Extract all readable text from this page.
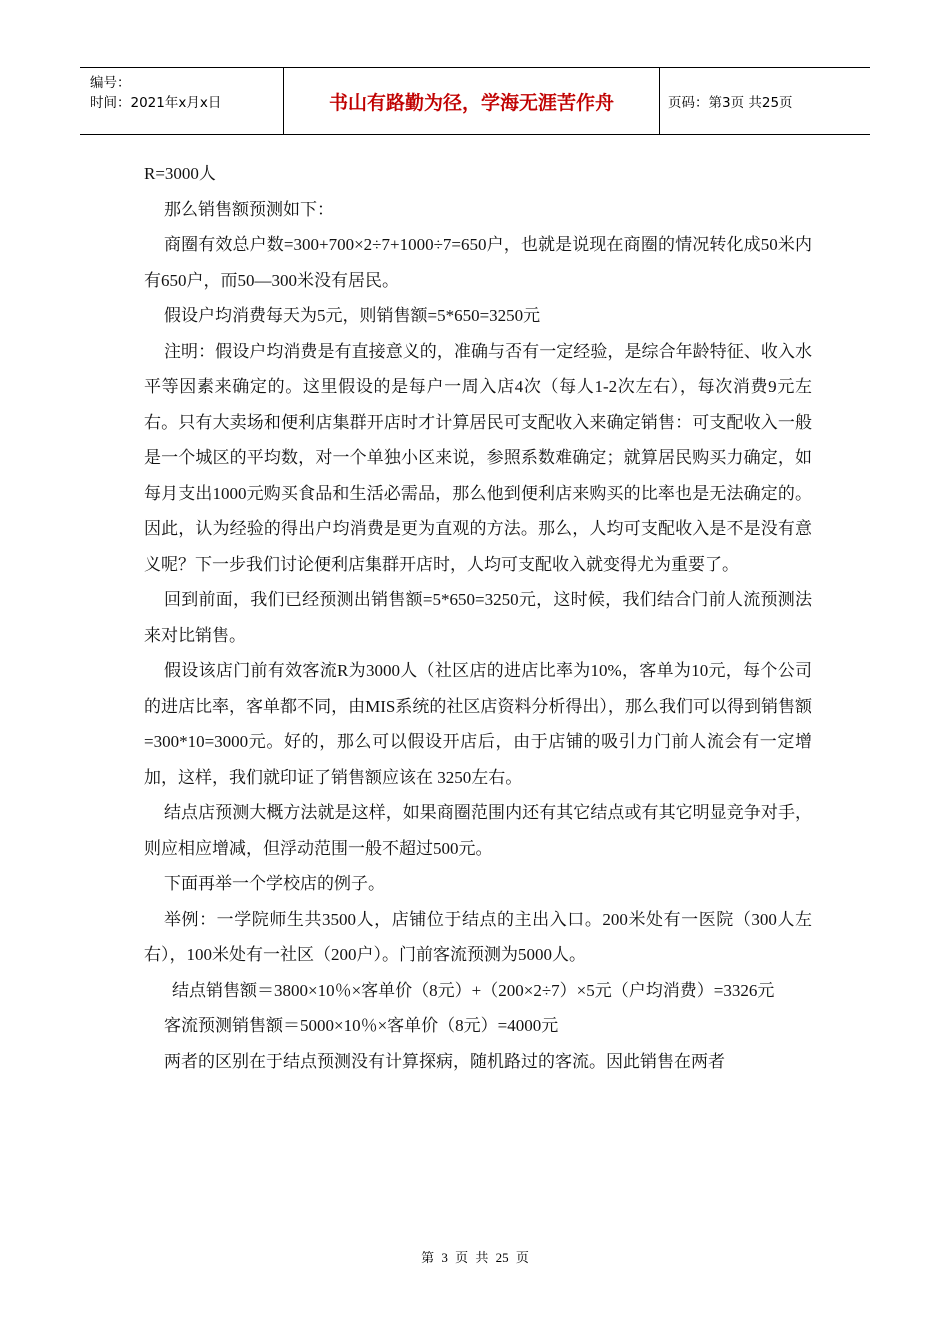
编号：
时间：2021年x月x日	书山有路勤为径，学海无涯苦作舟	页码：第3页 共25页

R=3000人

那么销售额预测如下：

商圈有效总户数=300+700×2÷7+1000÷7=650户，也就是说现在商圈的情况转化成50米内有650户，而50—300米没有居民。

假设户均消费每天为5元，则销售额=5*650=3250元

注明：假设户均消费是有直接意义的，准确与否有一定经验，是综合年龄特征、收入水平等因素来确定的。这里假设的是每户一周入店4次（每人1-2次左右），每次消费9元左右。只有大卖场和便利店集群开店时才计算居民可支配收入来确定销售：可支配收入一般是一个城区的平均数，对一个单独小区来说，参照系数难确定；就算居民购买力确定，如每月支出1000元购买食品和生活必需品，那么他到便利店来购买的比率也是无法确定的。因此，认为经验的得出户均消费是更为直观的方法。那么，人均可支配收入是不是没有意义呢？下一步我们讨论便利店集群开店时，人均可支配收入就变得尤为重要了。

回到前面，我们已经预测出销售额=5*650=3250元，这时候，我们结合门前人流预测法来对比销售。

假设该店门前有效客流R为3000人（社区店的进店比率为10%，客单为10元，每个公司的进店比率，客单都不同，由MIS系统的社区店资料分析得出），那么我们可以得到销售额=300*10=3000元。好的，那么可以假设开店后，由于店铺的吸引力门前人流会有一定增加，这样，我们就印证了销售额应该在 3250左右。

结点店预测大概方法就是这样，如果商圈范围内还有其它结点或有其它明显竞争对手，则应相应增减，但浮动范围一般不超过500元。

下面再举一个学校店的例子。

举例：一学院师生共3500人，店铺位于结点的主出入口。200米处有一医院（300人左右），100米处有一社区（200户）。门前客流预测为5000人。

结点销售额＝3800×10％×客单价（8元）+（200×2÷7）×5元（户均消费）=3326元

客流预测销售额＝5000×10％×客单价（8元）=4000元

两者的区别在于结点预测没有计算探病，随机路过的客流。因此销售在两者

第 3 页 共 25 页
